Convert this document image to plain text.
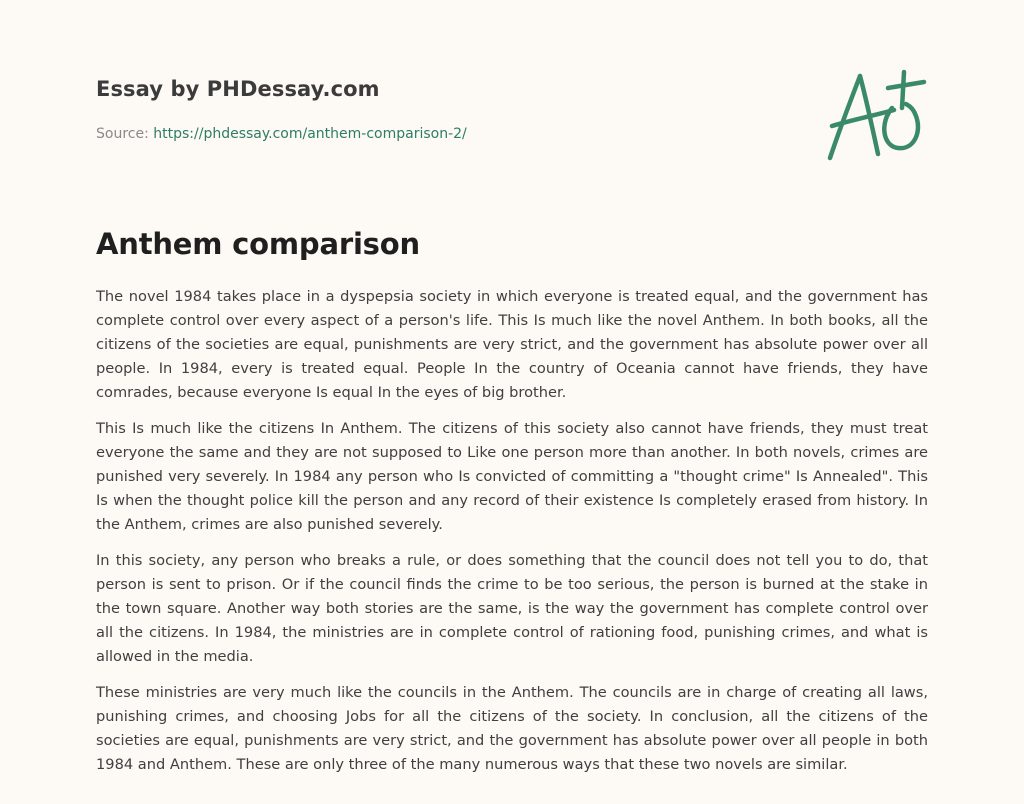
Essay by PHDessay.com
Source: https://phdessay.com/anthem-comparison-2/
Anthem comparison

The novel 1984 takes place in a dyspepsia society in which everyone is treated equal, and the government has complete control over every aspect of a person's life. This Is much like the novel Anthem. In both books, all the citizens of the societies are equal, punishments are very strict, and the government has absolute power over all people. In 1984, every is treated equal. People In the country of Oceania cannot have friends, they have comrades, because everyone Is equal In the eyes of big brother.

This Is much like the citizens In Anthem. The citizens of this society also cannot have friends, they must treat everyone the same and they are not supposed to Like one person more than another. In both novels, crimes are punished very severely. In 1984 any person who Is convicted of committing a "thought crime" Is Annealed". This Is when the thought police kill the person and any record of their existence Is completely erased from history. In the Anthem, crimes are also punished severely.

In this society, any person who breaks a rule, or does something that the council does not tell you to do, that person is sent to prison. Or if the council finds the crime to be too serious, the person is burned at the stake in the town square. Another way both stories are the same, is the way the government has complete control over all the citizens. In 1984, the ministries are in complete control of rationing food, punishing crimes, and what is allowed in the media.

These ministries are very much like the councils in the Anthem. The councils are in charge of creating all laws, punishing crimes, and choosing Jobs for all the citizens of the society. In conclusion, all the citizens of the societies are equal, punishments are very strict, and the government has absolute power over all people in both 1984 and Anthem. These are only three of the many numerous ways that these two novels are similar.
